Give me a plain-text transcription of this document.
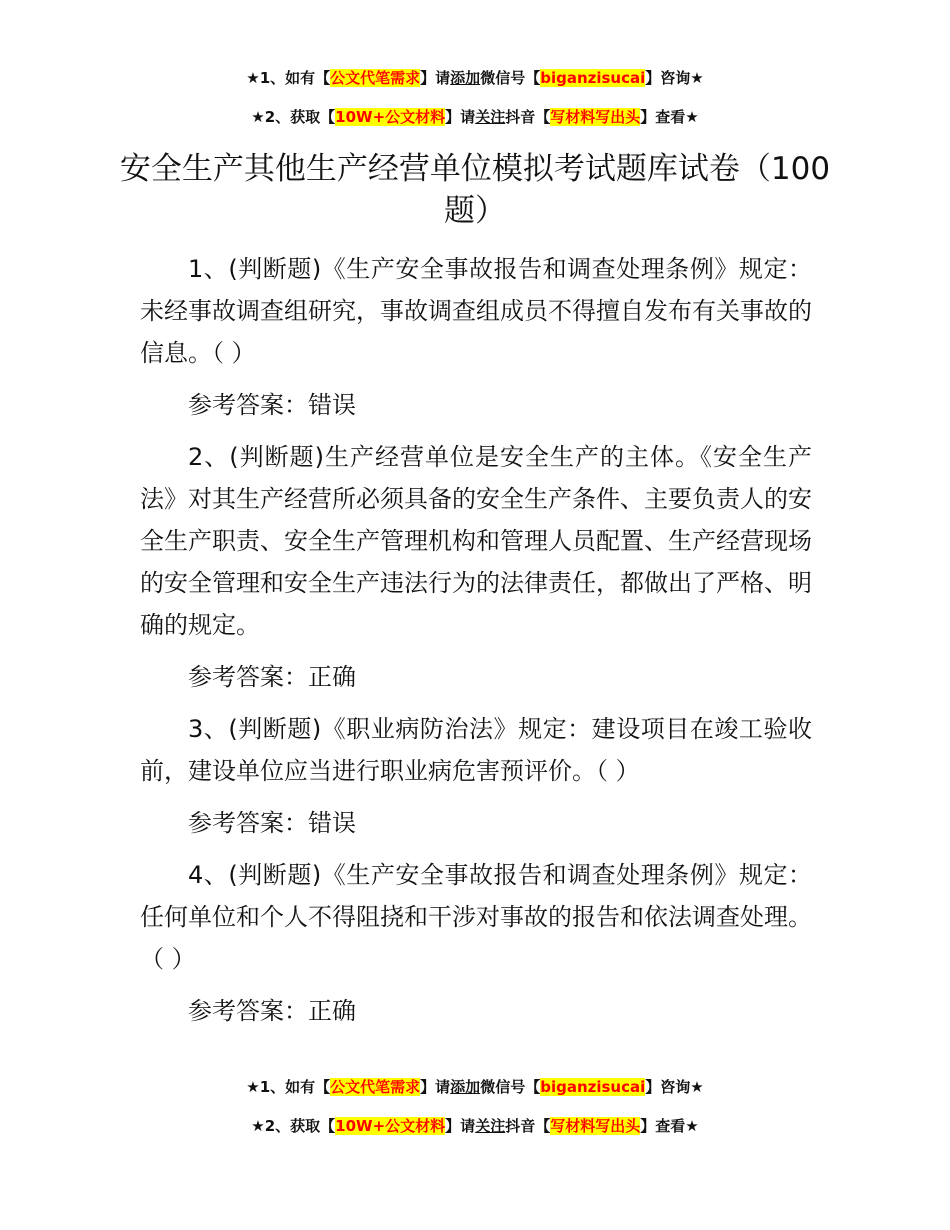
★1、如有【公文代笔需求】请添加微信号【biganzisucai】咨询★
★2、获取【10W+公文材料】请关注抖音【写材料写出头】查看★
安全生产其他生产经营单位模拟考试题库试卷（100题）

1、(判断题)《生产安全事故报告和调查处理条例》规定：未经事故调查组研究，事故调查组成员不得擅自发布有关事故的信息。（ ）

参考答案：错误

2、(判断题)生产经营单位是安全生产的主体。《安全生产法》对其生产经营所必须具备的安全生产条件、主要负责人的安全生产职责、安全生产管理机构和管理人员配置、生产经营现场的安全管理和安全生产违法行为的法律责任，都做出了严格、明确的规定。

参考答案：正确

3、(判断题)《职业病防治法》规定：建设项目在竣工验收前，建设单位应当进行职业病危害预评价。（ ）

参考答案：错误

4、(判断题)《生产安全事故报告和调查处理条例》规定：任何单位和个人不得阻挠和干涉对事故的报告和依法调查处理。（ ）

参考答案：正确

★1、如有【公文代笔需求】请添加微信号【biganzisucai】咨询★
★2、获取【10W+公文材料】请关注抖音【写材料写出头】查看★
